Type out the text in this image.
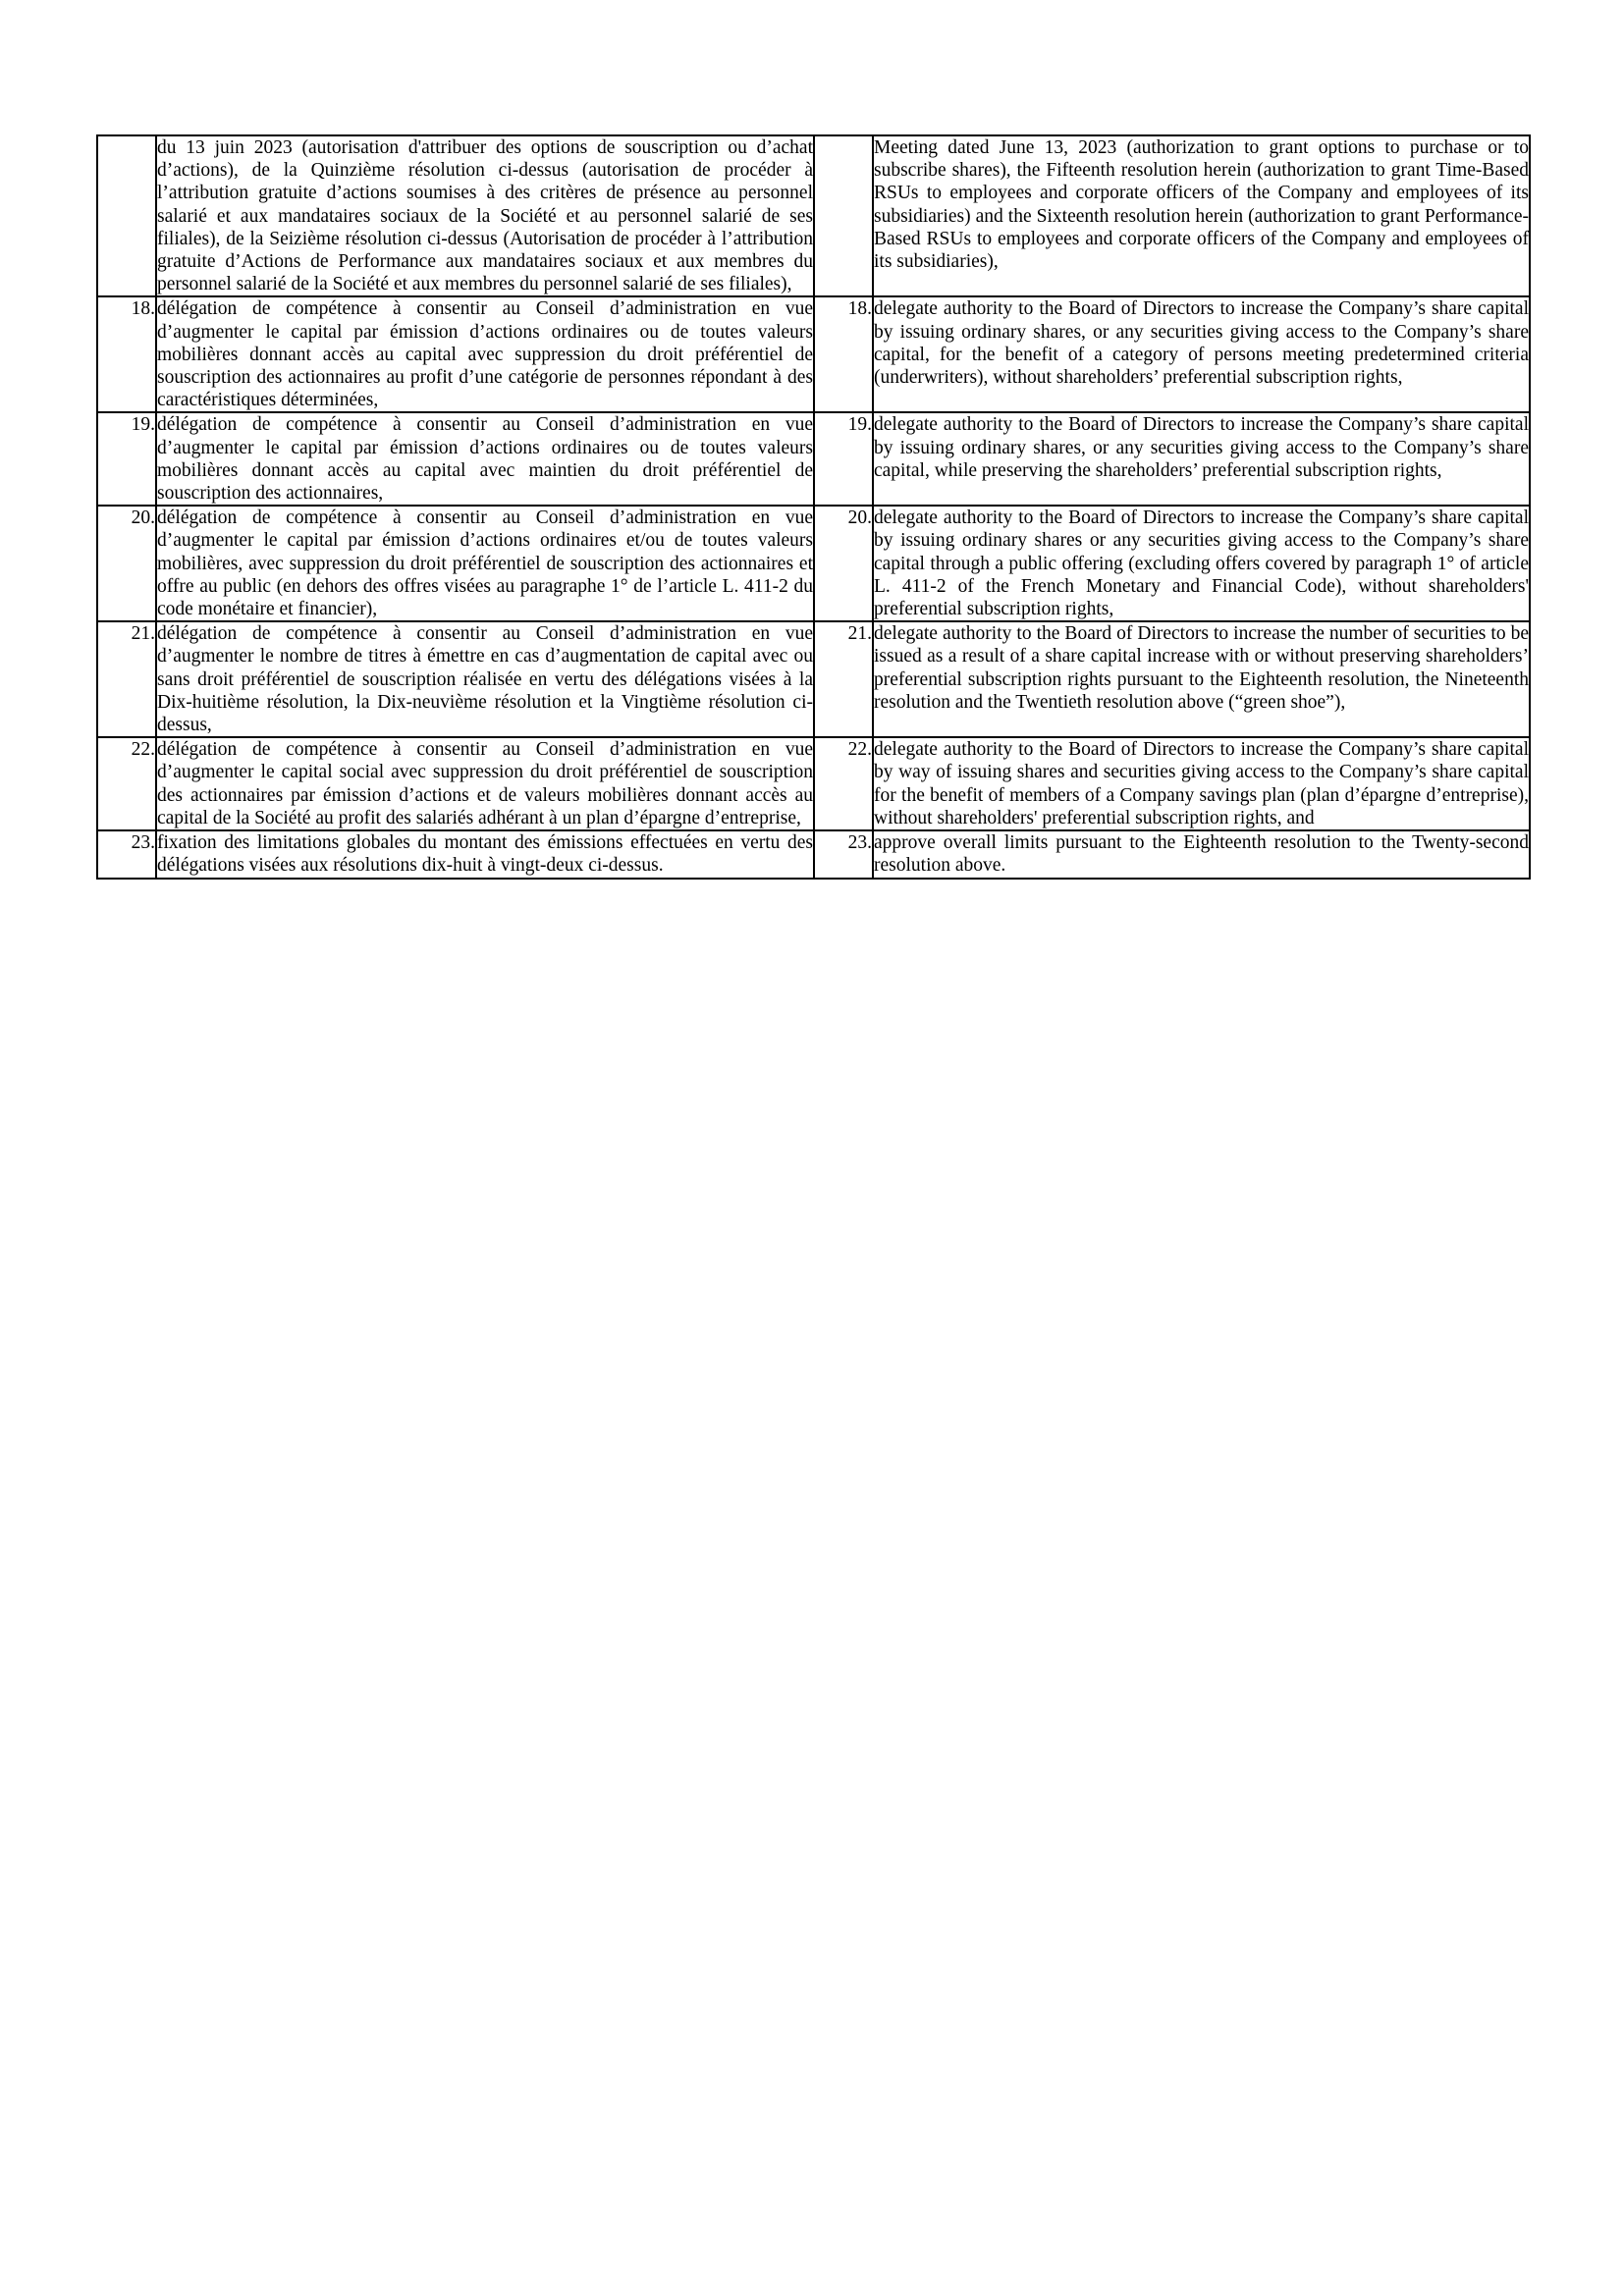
	du 13 juin 2023 (autorisation d'attribuer des options de souscription ou d’achat d’actions), de la Quinzième résolution ci-dessus (autorisation de procéder à l’attribution gratuite d’actions soumises à des critères de présence au personnel salarié et aux mandataires sociaux de la Société et au personnel salarié de ses filiales), de la Seizième résolution ci-dessus (Autorisation de procéder à l’attribution gratuite d’Actions de Performance aux mandataires sociaux et aux membres du personnel salarié de la Société et aux membres du personnel salarié de ses filiales),		Meeting dated June 13, 2023 (authorization to grant options to purchase or to subscribe shares), the Fifteenth resolution herein (authorization to grant Time-Based RSUs to employees and corporate officers of the Company and employees of its subsidiaries) and the Sixteenth resolution herein (authorization to grant Performance-Based RSUs to employees and corporate officers of the Company and employees of its subsidiaries),
18.	délégation de compétence à consentir au Conseil d’administration en vue d’augmenter le capital par émission d’actions ordinaires ou de toutes valeurs mobilières donnant accès au capital avec suppression du droit préférentiel de souscription des actionnaires au profit d’une catégorie de personnes répondant à des caractéristiques déterminées,	18.	delegate authority to the Board of Directors to increase the Company’s share capital by issuing ordinary shares, or any securities giving access to the Company’s share capital, for the benefit of a category of persons meeting predetermined criteria (underwriters), without shareholders’ preferential subscription rights,
19.	délégation de compétence à consentir au Conseil d’administration en vue d’augmenter le capital par émission d’actions ordinaires ou de toutes valeurs mobilières donnant accès au capital avec maintien du droit préférentiel de souscription des actionnaires,	19.	delegate authority to the Board of Directors to increase the Company’s share capital by issuing ordinary shares, or any securities giving access to the Company’s share capital, while preserving the shareholders’ preferential subscription rights,
20.	délégation de compétence à consentir au Conseil d’administration en vue d’augmenter le capital par émission d’actions ordinaires et/ou de toutes valeurs mobilières, avec suppression du droit préférentiel de souscription des actionnaires et offre au public (en dehors des offres visées au paragraphe 1° de l’article L. 411-2 du code monétaire et financier),	20.	delegate authority to the Board of Directors to increase the Company’s share capital by issuing ordinary shares or any securities giving access to the Company’s share capital through a public offering (excluding offers covered by paragraph 1° of article L. 411-2 of the French Monetary and Financial Code), without shareholders' preferential subscription rights,
21.	délégation de compétence à consentir au Conseil d’administration en vue d’augmenter le nombre de titres à émettre en cas d’augmentation de capital avec ou sans droit préférentiel de souscription réalisée en vertu des délégations visées à la Dix-huitième résolution, la Dix-neuvième résolution et la Vingtième résolution ci-dessus,	21.	delegate authority to the Board of Directors to increase the number of securities to be issued as a result of a share capital increase with or without preserving shareholders’ preferential subscription rights pursuant to the Eighteenth resolution, the Nineteenth resolution and the Twentieth resolution above (“green shoe”),
22.	délégation de compétence à consentir au Conseil d’administration en vue d’augmenter le capital social avec suppression du droit préférentiel de souscription des actionnaires par émission d’actions et de valeurs mobilières donnant accès au capital de la Société au profit des salariés adhérant à un plan d’épargne d’entreprise,	22.	delegate authority to the Board of Directors to increase the Company’s share capital by way of issuing shares and securities giving access to the Company’s share capital for the benefit of members of a Company savings plan (plan d’épargne d’entreprise), without shareholders' preferential subscription rights, and
23.	fixation des limitations globales du montant des émissions effectuées en vertu des délégations visées aux résolutions dix-huit à vingt-deux ci-dessus.	23.	approve overall limits pursuant to the Eighteenth resolution to the Twenty-second resolution above.
